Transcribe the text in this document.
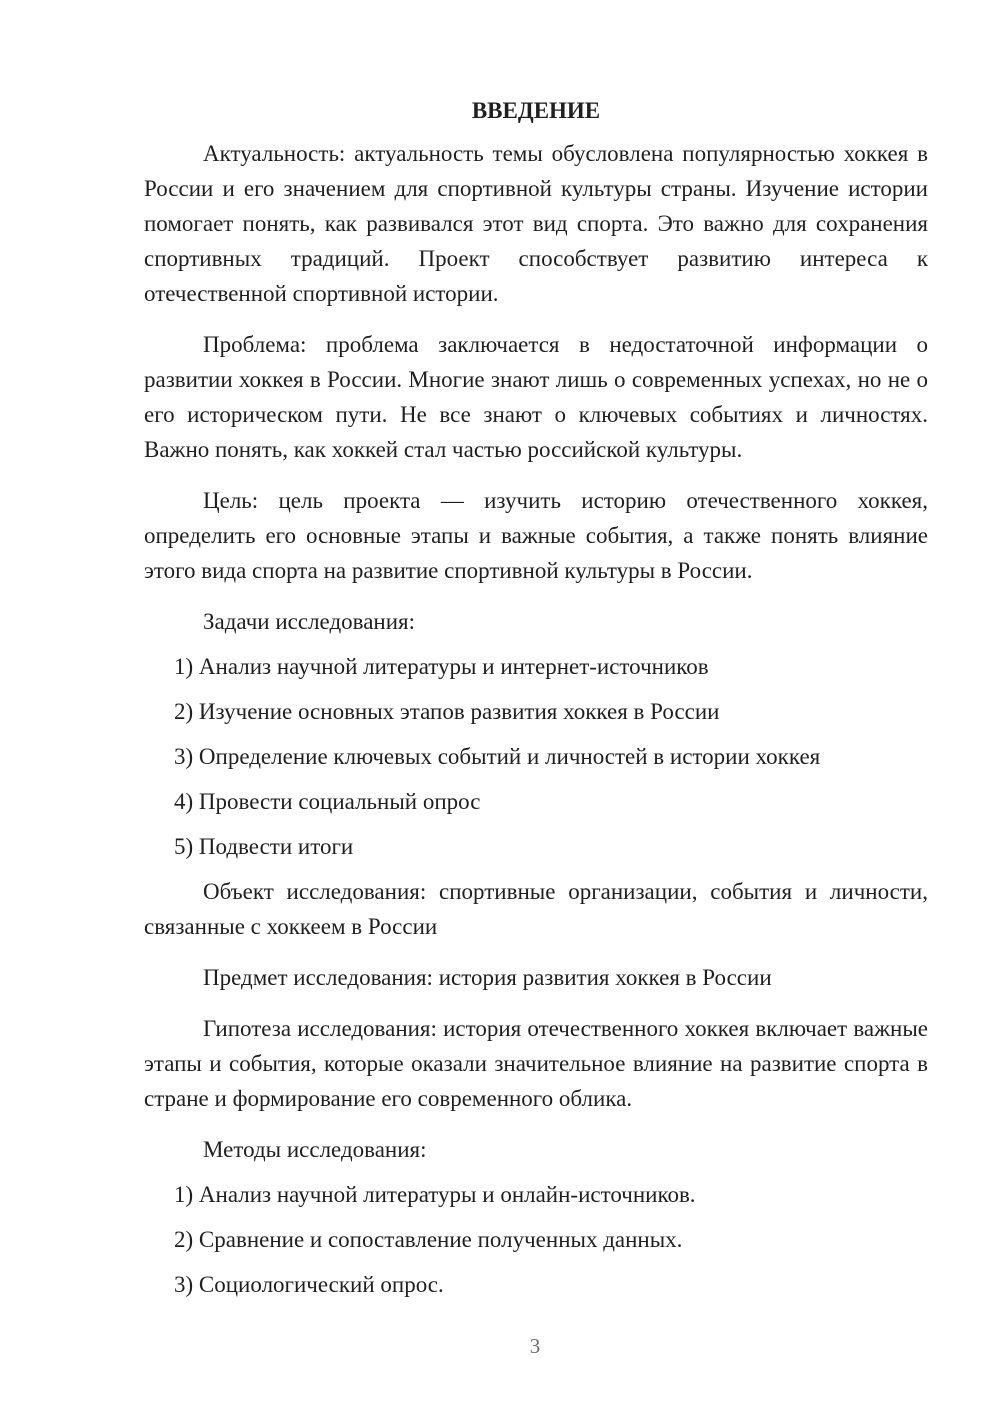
ВВЕДЕНИЕ

Актуальность: актуальность темы обусловлена популярностью хоккея в России и его значением для спортивной культуры страны. Изучение истории помогает понять, как развивался этот вид спорта. Это важно для сохранения спортивных традиций. Проект способствует развитию интереса к отечественной спортивной истории.

Проблема: проблема заключается в недостаточной информации о развитии хоккея в России. Многие знают лишь о современных успехах, но не о его историческом пути. Не все знают о ключевых событиях и личностях. Важно понять, как хоккей стал частью российской культуры.

Цель: цель проекта — изучить историю отечественного хоккея, определить его основные этапы и важные события, а также понять влияние этого вида спорта на развитие спортивной культуры в России.

Задачи исследования:

1) Анализ научной литературы и интернет-источников

2) Изучение основных этапов развития хоккея в России

3) Определение ключевых событий и личностей в истории хоккея

4) Провести социальный опрос

5) Подвести итоги

Объект исследования: спортивные организации, события и личности, связанные с хоккеем в России

Предмет исследования: история развития хоккея в России

Гипотеза исследования: история отечественного хоккея включает важные этапы и события, которые оказали значительное влияние на развитие спорта в стране и формирование его современного облика.

Методы исследования:

1) Анализ научной литературы и онлайн-источников.

2) Сравнение и сопоставление полученных данных.

3) Социологический опрос.

3
